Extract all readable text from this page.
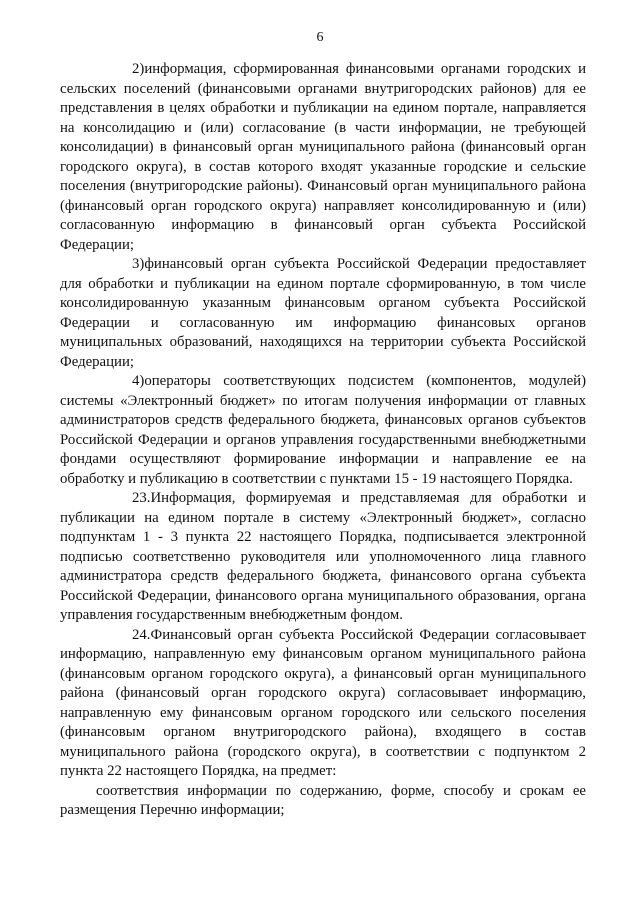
6

2)информация, сформированная финансовыми органами городских и сельских поселений (финансовыми органами внутригородских районов) для ее представления в целях обработки и публикации на едином портале, направляется на консолидацию и (или) согласование (в части информации, не требующей консолидации) в финансовый орган муниципального района (финансовый орган городского округа), в состав которого входят указанные городские и сельские поселения (внутригородские районы). Финансовый орган муниципального района (финансовый орган городского округа) направляет консолидированную и (или) согласованную информацию в финансовый орган субъекта Российской Федерации;

3)финансовый орган субъекта Российской Федерации предоставляет для обработки и публикации на едином портале сформированную, в том числе консолидированную указанным финансовым органом субъекта Российской Федерации и согласованную им информацию финансовых органов муниципальных образований, находящихся на территории субъекта Российской Федерации;

4)операторы соответствующих подсистем (компонентов, модулей) системы «Электронный бюджет» по итогам получения информации от главных администраторов средств федерального бюджета, финансовых органов субъектов Российской Федерации и органов управления государственными внебюджетными фондами осуществляют формирование информации и направление ее на обработку и публикацию в соответствии с пунктами 15 - 19 настоящего Порядка.

23.Информация, формируемая и представляемая для обработки и публикации на едином портале в систему «Электронный бюджет», согласно подпунктам 1 - 3 пункта 22 настоящего Порядка, подписывается электронной подписью соответственно руководителя или уполномоченного лица главного администратора средств федерального бюджета, финансового органа субъекта Российской Федерации, финансового органа муниципального образования, органа управления государственным внебюджетным фондом.

24.Финансовый орган субъекта Российской Федерации согласовывает информацию, направленную ему финансовым органом муниципального района (финансовым органом городского округа), а финансовый орган муниципального района (финансовый орган городского округа) согласовывает информацию, направленную ему финансовым органом городского или сельского поселения (финансовым органом внутригородского района), входящего в состав муниципального района (городского округа), в соответствии с подпунктом 2 пункта 22 настоящего Порядка, на предмет:

соответствия информации по содержанию, форме, способу и срокам ее размещения Перечню информации;
